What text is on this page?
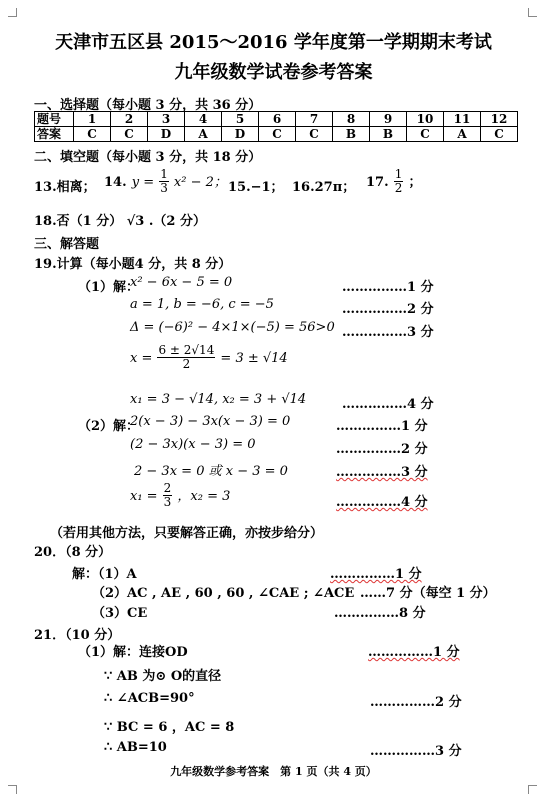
天津市五区县 2015～2016 学年度第一学期期末考试
九年级数学试卷参考答案
一、选择题（每小题 3 分，共 36 分）
题号	1	2	3	4	5	6	7	8	9	10	11	12
答案	C	C	D	A	D	C	C	B	B	C	A	C
二、填空题（每小题 3 分，共 18 分）
13.相离； 14. $y = \frac{1}{3} x^2 - 2$； 15.−1； 16.27π； 17. $\frac{1}{2}$ ；
18.否（1 分） √3 .（2 分）
三、解答题
19.计算（每小题4 分，共 8 分）
（1）解：
x² − 6x − 5 = 0	……………1 分
a = 1, b = −6, c = −5	……………2 分
Δ = (−6)² − 4×1×(−5) = 56>0 ……………3 分
$x = \frac{6 \pm 2√14}{2} = 3 \pm √14$
x₁ = 3 − √14, x₂ = 3 + √14	……………4 分
（2）解：
2(x − 3) − 3x(x − 3) = 0	……………1 分
(2 − 3x)(x − 3) = 0	……………2 分
2 − 3x = 0 或 x − 3 = 0	……………3 分
$x_1 = \frac{2}{3}$ ，x₂ = 3	……………4 分
（若用其他方法，只要解答正确，亦按步给分）
20．（8 分）
解：（1）A	……………1 分
（2）AC , AE , 60 , 60 , ∠CAE ; ∠ACE ……7 分（每空 1 分）
（3）CE	……………8 分
21．（10 分）
（1）解：连接OD	……………1 分
∵ AB 为⊙ O的直径
∴ ∠ACB=90°	……………2 分
∵ BC = 6 ，AC = 8
∴ AB=10	……………3 分
九年级数学参考答案　第 1 页（共 4 页）
